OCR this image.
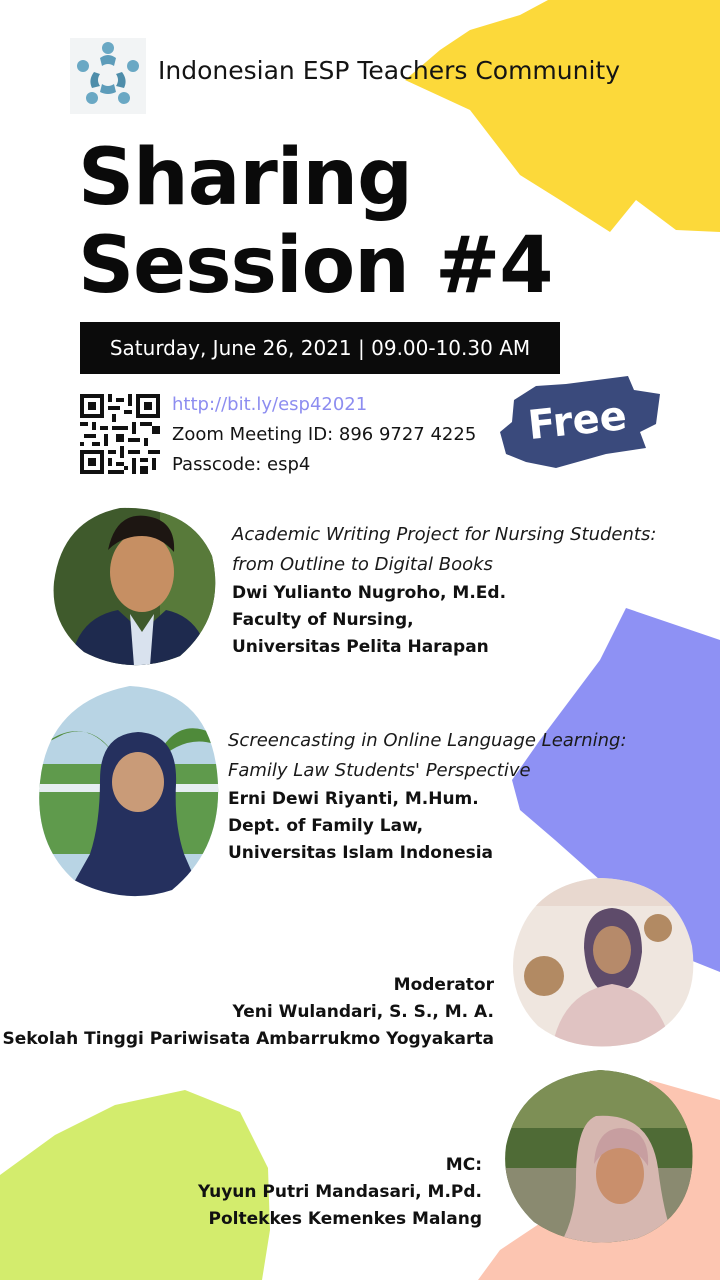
Indonesian ESP Teachers Community
Sharing
Session #4
Saturday, June 26, 2021 | 09.00-10.30 AM
http://bit.ly/esp42021
Zoom Meeting ID: 896 9727 4225
Passcode: esp4
Free
Academic Writing Project for Nursing Students:
from Outline to Digital Books
Dwi Yulianto Nugroho, M.Ed.
Faculty of Nursing,
Universitas Pelita Harapan
Screencasting in Online Language Learning:
Family Law Students' Perspective
Erni Dewi Riyanti, M.Hum.
Dept. of Family Law,
Universitas Islam Indonesia
Moderator
Yeni Wulandari, S. S., M. A.
Sekolah Tinggi Pariwisata Ambarrukmo Yogyakarta
MC:
Yuyun Putri Mandasari, M.Pd.
Poltekkes Kemenkes Malang
